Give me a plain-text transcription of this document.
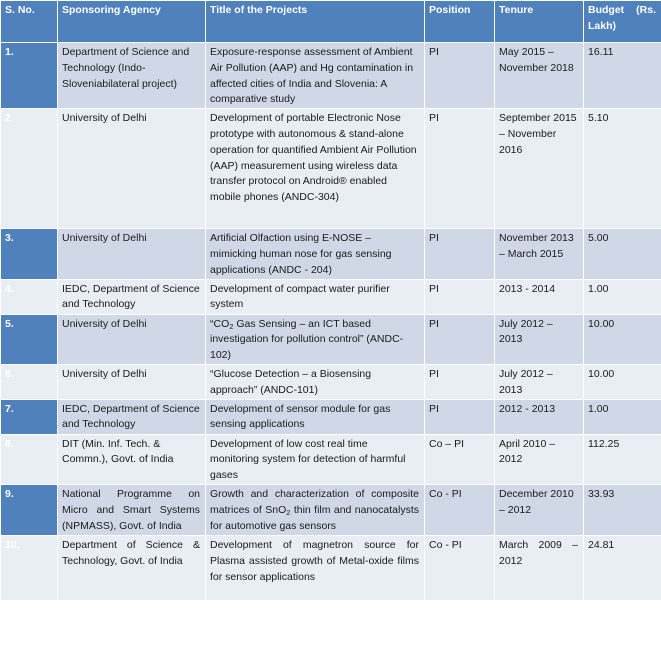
S. No.	Sponsoring Agency	Title of the Projects	Position	Tenure	Budget (Rs. Lakh)
1.	Department of Science and Technology (Indo-Sloveniabilateral project)	Exposure-response assessment of Ambient Air Pollution (AAP) and Hg contamination in affected cities of India and Slovenia: A comparative study	PI	May 2015 – November 2018	16.11
2.	University of Delhi	Development of portable Electronic Nose prototype with autonomous & stand-alone operation for quantified Ambient Air Pollution (AAP) measurement using wireless data transfer protocol on Android® enabled mobile phones (ANDC-304)	PI	September 2015 – November 2016	5.10
3.	University of Delhi	Artificial Olfaction using E-NOSE – mimicking human nose for gas sensing applications (ANDC - 204)	PI	November 2013 – March 2015	5.00
4.	IEDC, Department of Science and Technology	Development of compact water purifier system	PI	2013 - 2014	1.00
5.	University of Delhi	“$CO_2$ Gas Sensing – an ICT based investigation for pollution control” (ANDC-102)	PI	July 2012 – 2013	10.00
6.	University of Delhi	“Glucose Detection – a Biosensing approach” (ANDC-101)	PI	July 2012 – 2013	10.00
7.	IEDC, Department of Science and Technology	Development of sensor module for gas sensing applications	PI	2012 - 2013	1.00
8.	DIT (Min. Inf. Tech. & Commn.), Govt. of India	Development of low cost real time monitoring system for detection of harmful gases	Co – PI	April 2010 – 2012	112.25
9.	National Programme on Micro and Smart Systems (NPMASS), Govt. of India	Growth and characterization of composite matrices of SnO$_2$ thin film and nanocatalysts for automotive gas sensors	Co - PI	December 2010 – 2012	33.93
10.	Department of Science & Technology, Govt. of India	Development of magnetron source for Plasma assisted growth of Metal-oxide films for sensor applications	Co - PI	March 2009 – 2012	24.81
